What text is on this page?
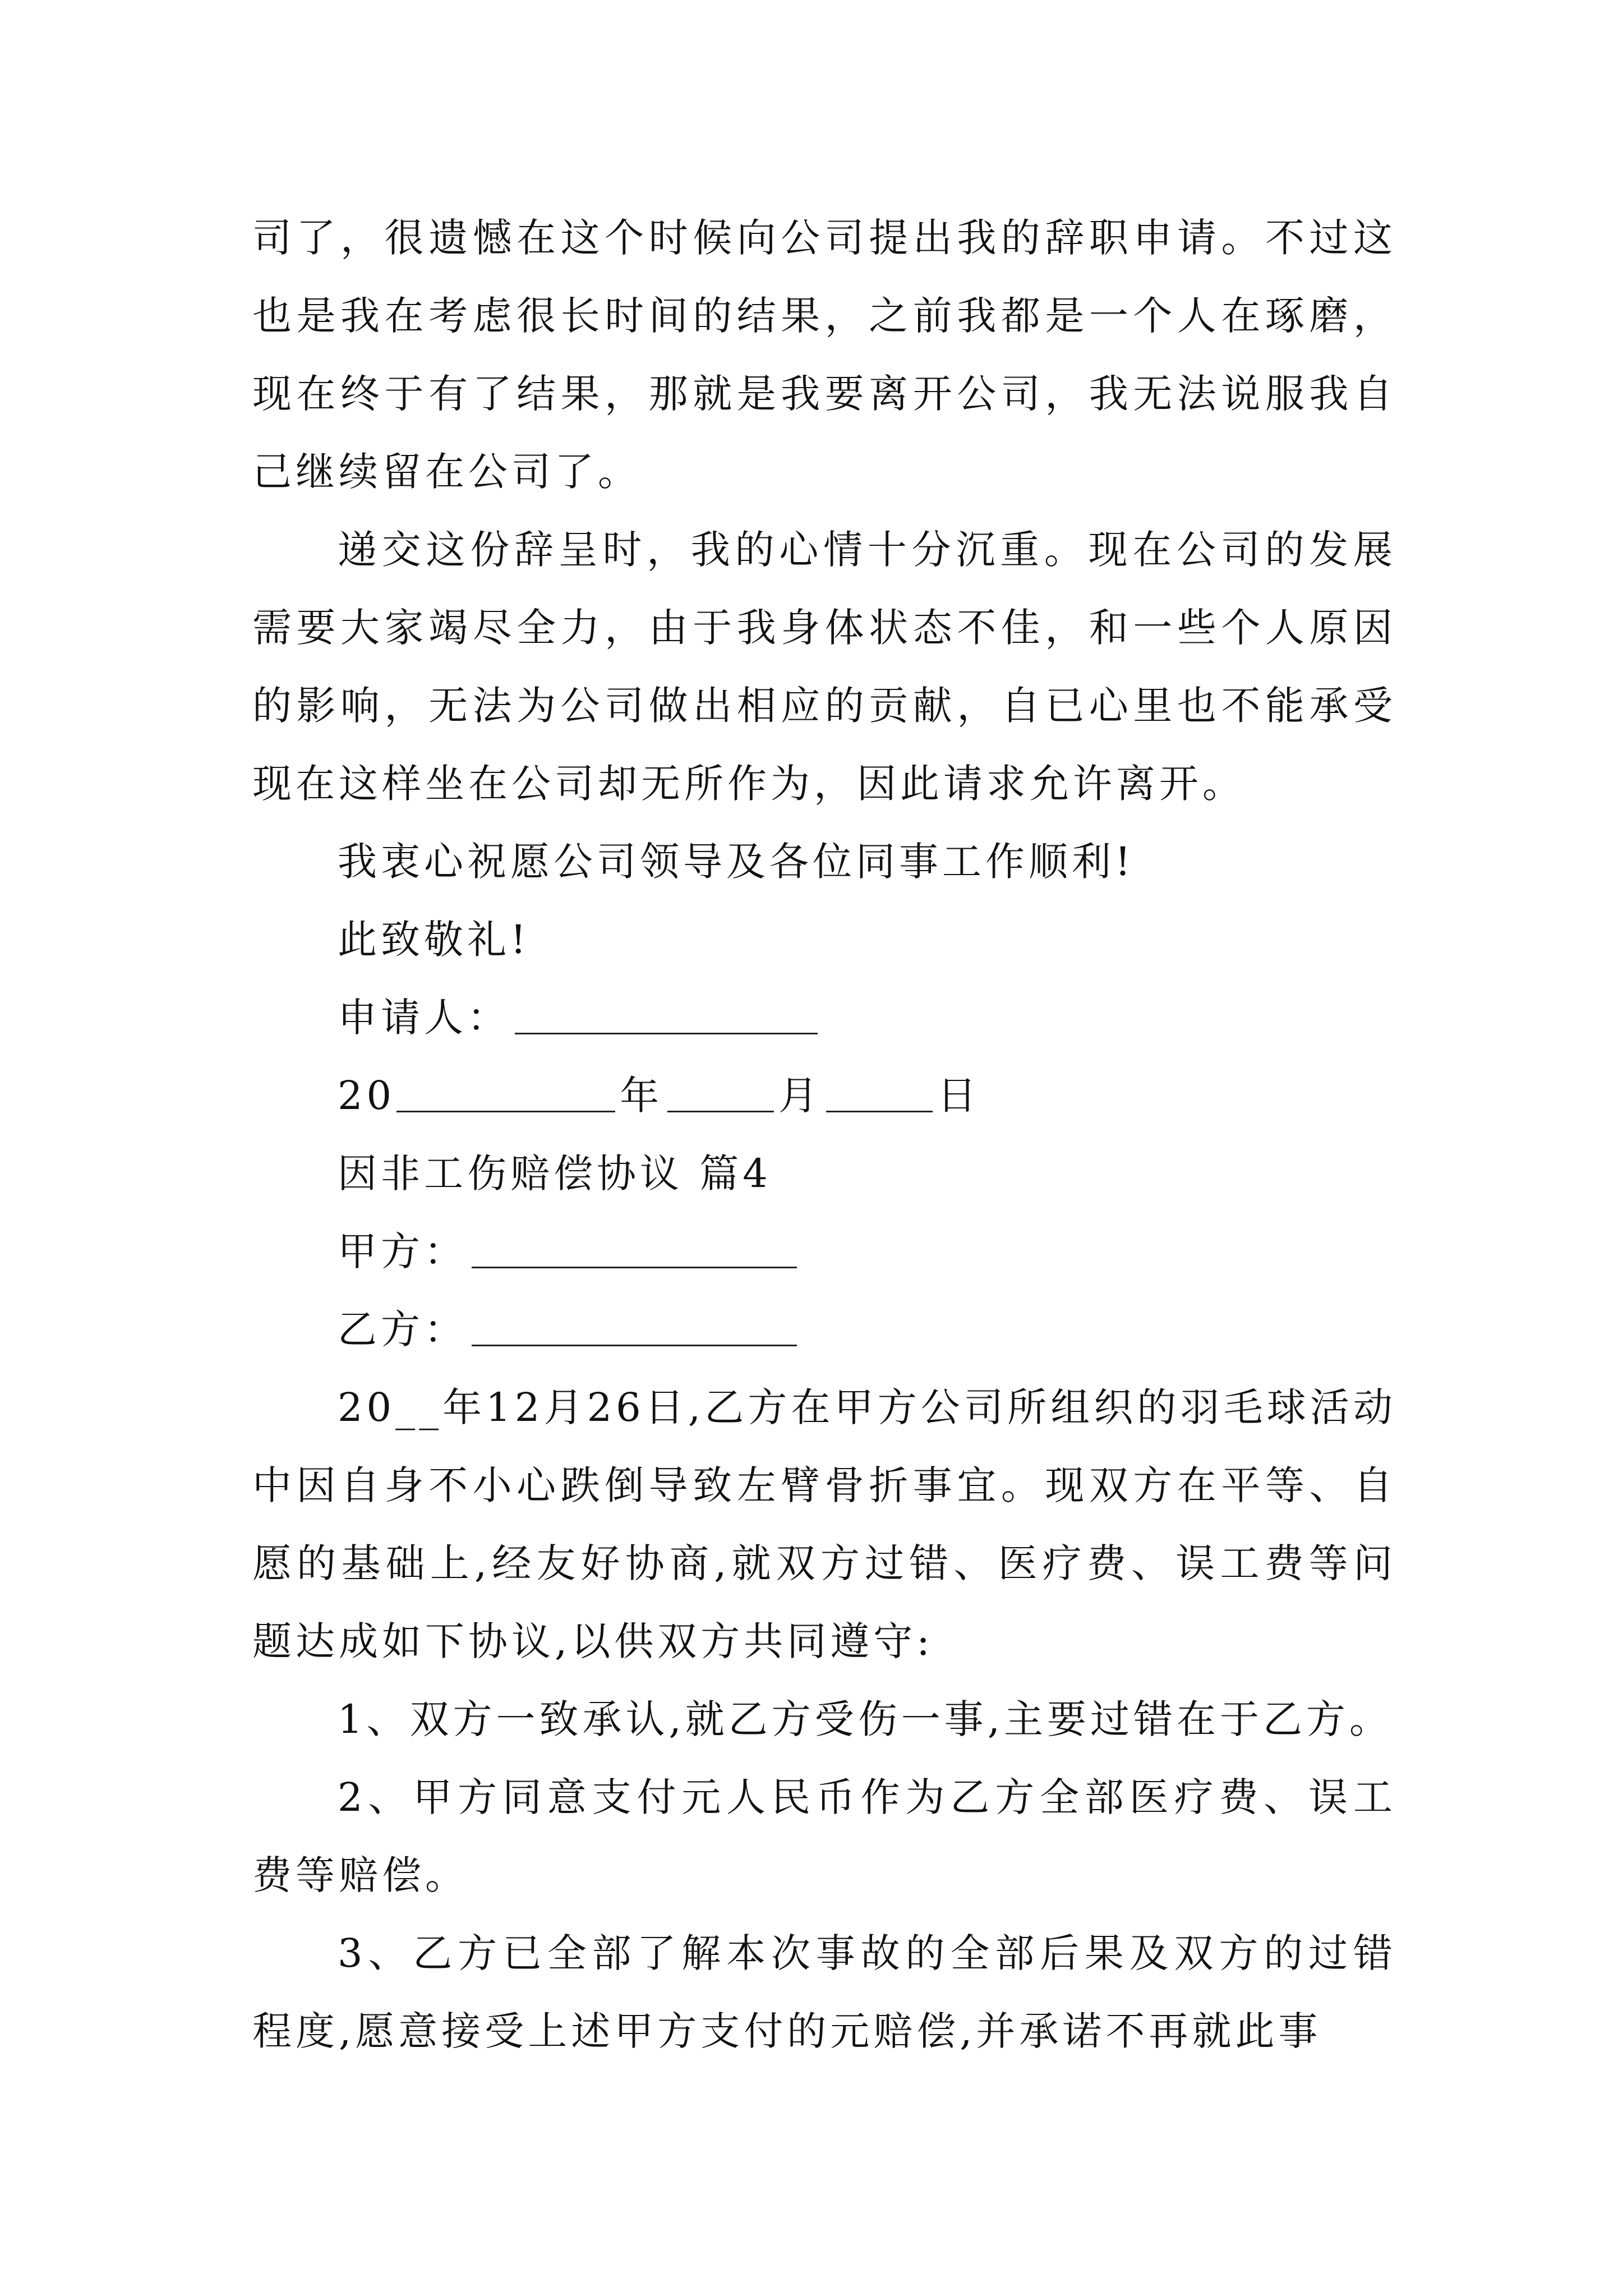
司了，很遗憾在这个时候向公司提出我的辞职申请。不过这也是我在考虑很长时间的结果，之前我都是一个人在琢磨，现在终于有了结果，那就是我要离开公司，我无法说服我自己继续留在公司了。

递交这份辞呈时，我的心情十分沉重。现在公司的发展需要大家竭尽全力，由于我身体状态不佳，和一些个人原因的影响，无法为公司做出相应的贡献，自已心里也不能承受现在这样坐在公司却无所作为，因此请求允许离开。

我衷心祝愿公司领导及各位同事工作顺利!

此致敬礼!

申请人：

20	年	月	日

因非工伤赔偿协议 篇4

甲方：

乙方：

20__年12月26日,乙方在甲方公司所组织的羽毛球活动中因自身不小心跌倒导致左臂骨折事宜。现双方在平等、自愿的基础上,经友好协商,就双方过错、医疗费、误工费等问题达成如下协议,以供双方共同遵守:

1、双方一致承认,就乙方受伤一事,主要过错在于乙方。

2、甲方同意支付元人民币作为乙方全部医疗费、误工费等赔偿。

3、乙方已全部了解本次事故的全部后果及双方的过错程度,愿意接受上述甲方支付的元赔偿,并承诺不再就此事
